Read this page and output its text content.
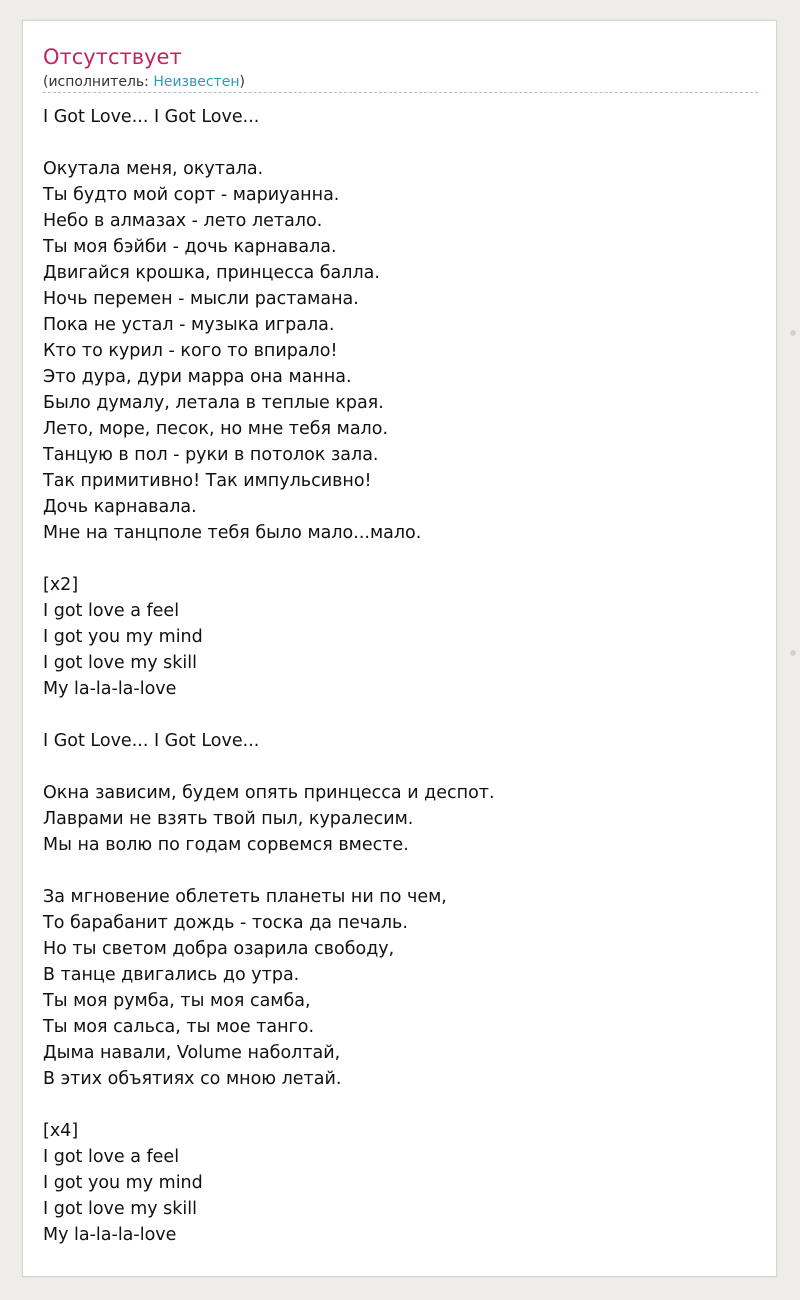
Отсутствует
(исполнитель: Неизвестен)
I Got Love... I Got Love...
Окутала меня, окутала.
Ты будто мой сорт - мариуанна.
Небо в алмазах - лето летало.
Ты моя бэйби - дочь карнавала.
Двигайся крошка, принцесса балла.
Ночь перемен - мысли растамана.
Пока не устал - музыка играла.
Кто то курил - кого то впирало!
Это дура, дури марра она манна.
Было думалу, летала в теплые края.
Лето, море, песок, но мне тебя мало.
Танцую в пол - руки в потолок зала.
Так примитивно! Так импульсивно!
Дочь карнавала.
Мне на танцполе тебя было мало...мало.
[x2]
I got love a feel
I got you my mind
I got love my skill
My la-la-la-love
I Got Love... I Got Love...
Окна зависим, будем опять принцесса и деспот.
Лаврами не взять твой пыл, куралесим.
Мы на волю по годам сорвемся вместе.
За мгновение облететь планеты ни по чем,
То барабанит дождь - тоска да печаль.
Но ты светом добра озарила свободу,
В танце двигались до утра.
Ты моя румба, ты моя самба,
Ты моя сальса, ты мое танго.
Дыма навали, Volume наболтай,
В этих объятиях со мною летай.
[x4]
I got love a feel
I got you my mind
I got love my skill
My la-la-la-love
